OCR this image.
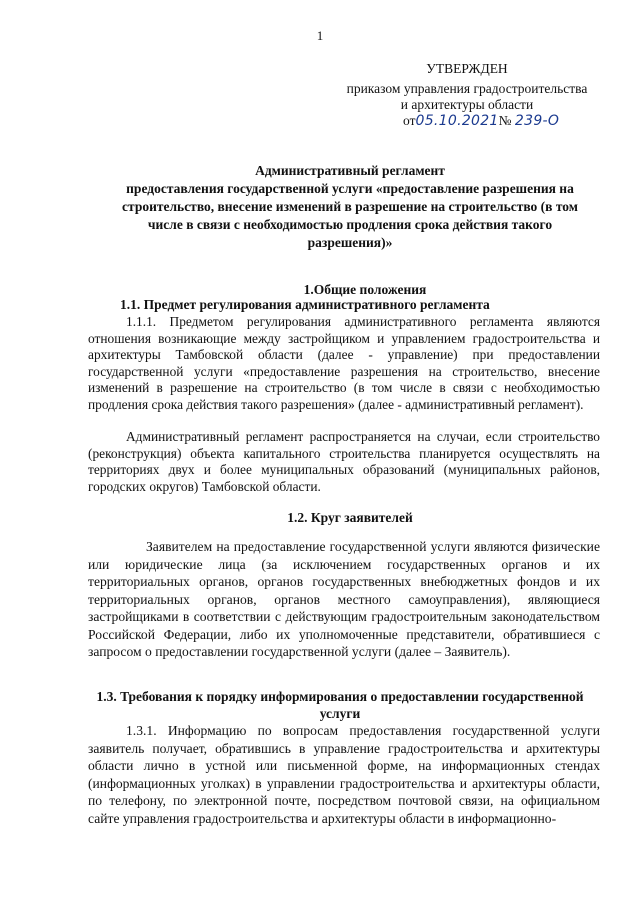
1
УТВЕРЖДЕН
приказом управления градостроительства
и архитектуры области
от05.10.2021№ 239-О
Административный регламент
предоставления государственной услуги «предоставление разрешения на
строительство, внесение изменений в разрешение на строительство (в том
числе в связи с необходимостью продления срока действия такого
разрешения)»
1.Общие положения
1.1. Предмет регулирования административного регламента
1.1.1. Предметом регулирования административного регламента являются отношения возникающие между застройщиком и управлением градостроительства и архитектуры Тамбовской области (далее - управление) при предоставлении государственной услуги «предоставление разрешения на строительство, внесение изменений в разрешение на строительство (в том числе в связи с необходимостью продления срока действия такого разрешения» (далее - административный регламент).
Административный регламент распространяется на случаи, если строительство (реконструкция) объекта капитального строительства планируется осуществлять на территориях двух и более муниципальных образований (муниципальных районов, городских округов) Тамбовской области.
1.2. Круг заявителей
Заявителем на предоставление государственной услуги являются физические или юридические лица (за исключением государственных органов и их территориальных органов, органов государственных внебюджетных фондов и их территориальных органов, органов местного самоуправления), являющиеся застройщиками в соответствии с действующим градостроительным законодательством Российской Федерации, либо их уполномоченные представители, обратившиеся с запросом о предоставлении государственной услуги (далее – Заявитель).
1.3. Требования к порядку информирования о предоставлении государственной
услуги
1.3.1. Информацию по вопросам предоставления государственной услуги заявитель получает, обратившись в управление градостроительства и архитектуры области лично в устной или письменной форме, на информационных стендах (информационных уголках) в управлении градостроительства и архитектуры области, по телефону, по электронной почте, посредством почтовой связи, на официальном сайте управления градостроительства и архитектуры области в информационно-
